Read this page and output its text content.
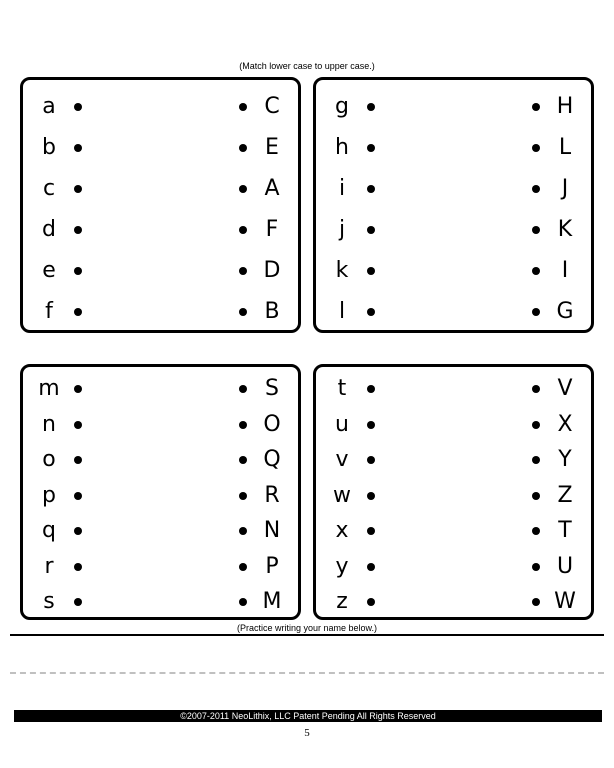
(Match lower case to upper case.)
a	C
b	E
c	A
d	F
e	D
f	B
g	H
h	L
i	J
j	K
k	I
l	G
m	S
n	O
o	Q
p	R
q	N
r	P
s	M
t	V
u	X
v	Y
w	Z
x	T
y	U
z	W
(Practice writing your name below.)
©2007-2011 NeoLithix, LLC Patent Pending All Rights Reserved
5
